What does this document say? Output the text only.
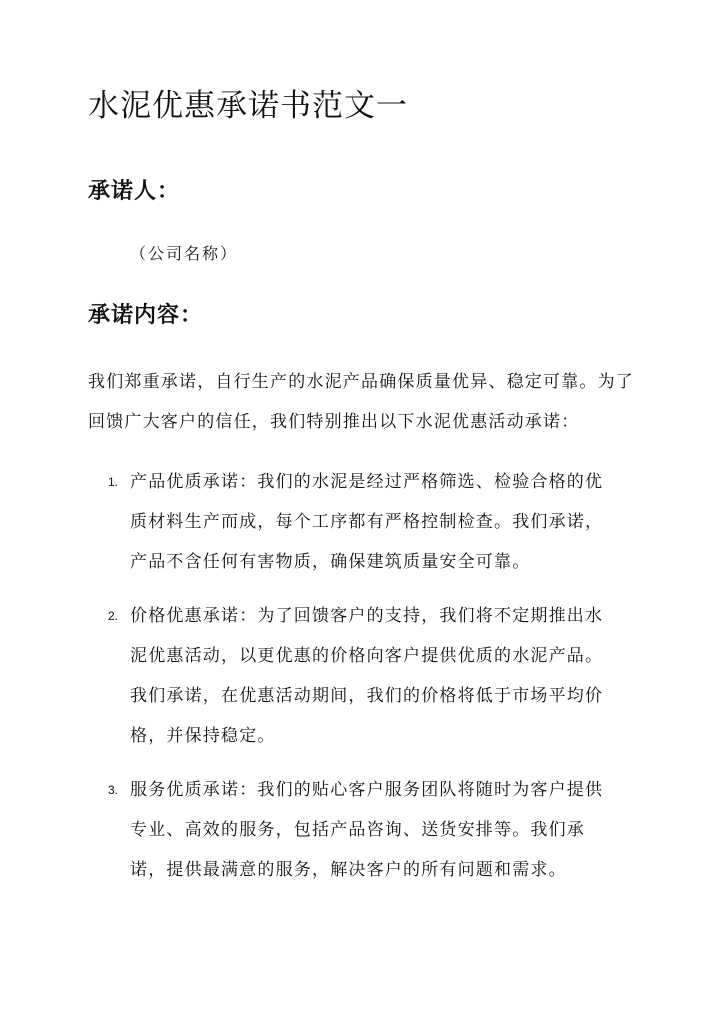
水泥优惠承诺书范文一
承诺人：
（公司名称）
承诺内容：

我们郑重承诺，自行生产的水泥产品确保质量优异、稳定可靠。为了回馈广大客户的信任，我们特别推出以下水泥优惠活动承诺：

1. 产品优质承诺：我们的水泥是经过严格筛选、检验合格的优质材料生产而成，每个工序都有严格控制检查。我们承诺，产品不含任何有害物质，确保建筑质量安全可靠。
2. 价格优惠承诺：为了回馈客户的支持，我们将不定期推出水泥优惠活动，以更优惠的价格向客户提供优质的水泥产品。我们承诺，在优惠活动期间，我们的价格将低于市场平均价格，并保持稳定。
3. 服务优质承诺：我们的贴心客户服务团队将随时为客户提供专业、高效的服务，包括产品咨询、送货安排等。我们承诺，提供最满意的服务，解决客户的所有问题和需求。
